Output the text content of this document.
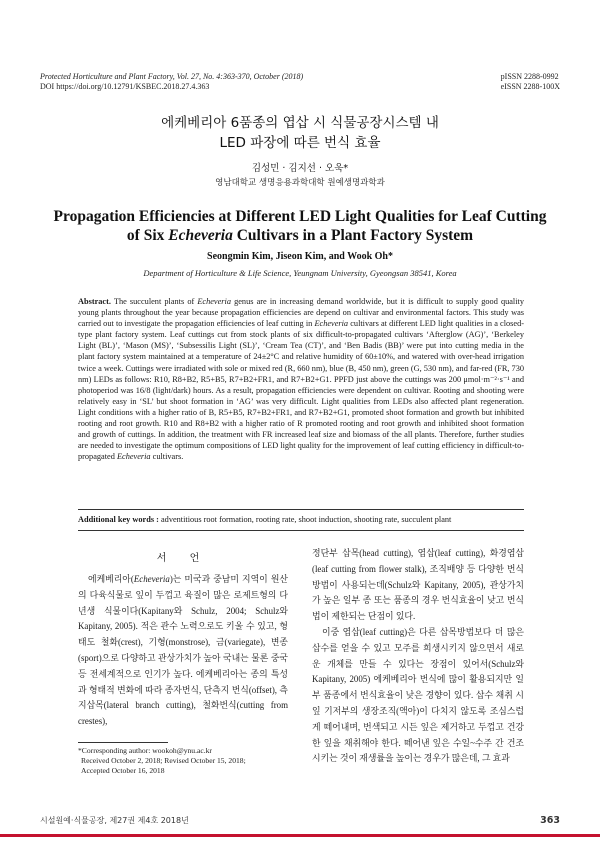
Protected Horticulture and Plant Factory, Vol. 27, No. 4:363-370, October (2018)
DOI https://doi.org/10.12791/KSBEC.2018.27.4.363
pISSN 2288-0992
eISSN 2288-100X
에케베리아 6품종의 엽삽 시 식물공장시스템 내
LED 파장에 따른 번식 효율
김성민 · 김지선 · 오욱*
영남대학교 생명응용과학대학 원예생명과학과
Propagation Efficiencies at Different LED Light Qualities for Leaf Cutting
of Six Echeveria Cultivars in a Plant Factory System
Seongmin Kim, Jiseon Kim, and Wook Oh*
Department of Horticulture & Life Science, Yeungnam University, Gyeongsan 38541, Korea
Abstract. The succulent plants of Echeveria genus are in increasing demand worldwide, but it is difficult to supply good quality young plants throughout the year because propagation efficiencies are depend on cultivar and environmental factors. This study was carried out to investigate the propagation efficiencies of leaf cutting in Echeveria cultivars at different LED light qualities in a closed-type plant factory system. Leaf cuttings cut from stock plants of six difficult-to-propagated cultivars ‘Afterglow (AG)’, ‘Berkeley Light (BL)’, ‘Mason (MS)’, ‘Subsessilis Light (SL)’, ‘Cream Tea (CT)’, and ‘Ben Badis (BB)’ were put into cutting media in the plant factory system maintained at a temperature of 24±2°C and relative humidity of 60±10%, and watered with over-head irrigation twice a week. Cuttings were irradiated with sole or mixed red (R, 660 nm), blue (B, 450 nm), green (G, 530 nm), and far-red (FR, 730 nm) LEDs as follows: R10, R8+B2, R5+B5, R7+B2+FR1, and R7+B2+G1. PPFD just above the cuttings was 200 μmol·m⁻²·s⁻¹ and photoperiod was 16/8 (light/dark) hours. As a result, propagation efficiencies were dependent on cultivar. Rooting and shooting were relatively easy in ‘SL’ but shoot formation in ‘AG’ was very difficult. Light qualities from LEDs also affected plant regeneration. Light conditions with a higher ratio of B, R5+B5, R7+B2+FR1, and R7+B2+G1, promoted shoot formation and growth but inhibited rooting and root growth. R10 and R8+B2 with a higher ratio of R promoted rooting and root growth and inhibited shoot formation and growth of cuttings. In addition, the treatment with FR increased leaf size and biomass of the all plants. Therefore, further studies are needed to investigate the optimum compositions of LED light quality for the improvement of leaf cutting efficiency in difficult-to-propagated Echeveria cultivars.
Additional key words : adventitious root formation, rooting rate, shoot induction, shooting rate, succulent plant
서 언

에케베리아(Echeveria)는 미국과 중남미 지역이 원산의 다육식물로 잎이 두껍고 육질이 많은 로제트형의 다년생 식물이다(Kapitany와 Schulz, 2004; Schulz와 Kapitany, 2005). 적은 관수 노력으로도 키울 수 있고, 형태도 철화(crest), 기형(monstrose), 금(variegate), 변종(sport)으로 다양하고 관상가치가 높아 국내는 물론 중국 등 전세계적으로 인기가 높다. 에케베리아는 종의 특성과 형태적 변화에 따라 종자번식, 단측지 번식(offset), 측지삽목(lateral branch cutting), 철화번식(cutting from crestes),

정단부 삽목(head cutting), 엽삽(leaf cutting), 화경엽삽(leaf cutting from flower stalk), 조직배양 등 다양한 번식 방법이 사용되는데(Schulz와 Kapitany, 2005), 관상가치가 높은 일부 종 또는 품종의 경우 번식효율이 낮고 번식법이 제한되는 단점이 있다.

이중 엽삽(leaf cutting)은 다른 삽목방법보다 더 많은 삽수를 얻을 수 있고 모주를 희생시키지 않으면서 새로운 개체를 만들 수 있다는 장점이 있어서(Schulz와 Kapitany, 2005) 에케베리아 번식에 많이 활용되지만 일부 품종에서 번식효율이 낮은 경향이 있다. 삽수 채취 시 잎 기저부의 생장조직(액아)이 다치지 않도록 조심스럽게 떼어내며, 번색되고 시든 잎은 제거하고 두껍고 건강한 잎을 채취해야 한다. 떼어낸 잎은 수일~수주 간 건조시키는 것이 재생률을 높이는 경우가 많은데, 그 효과

*Corresponding author: wookoh@ynu.ac.kr
Received October 2, 2018; Revised October 15, 2018;
Accepted October 16, 2018
시설원예·식물공장, 제27권 제4호 2018년	363
